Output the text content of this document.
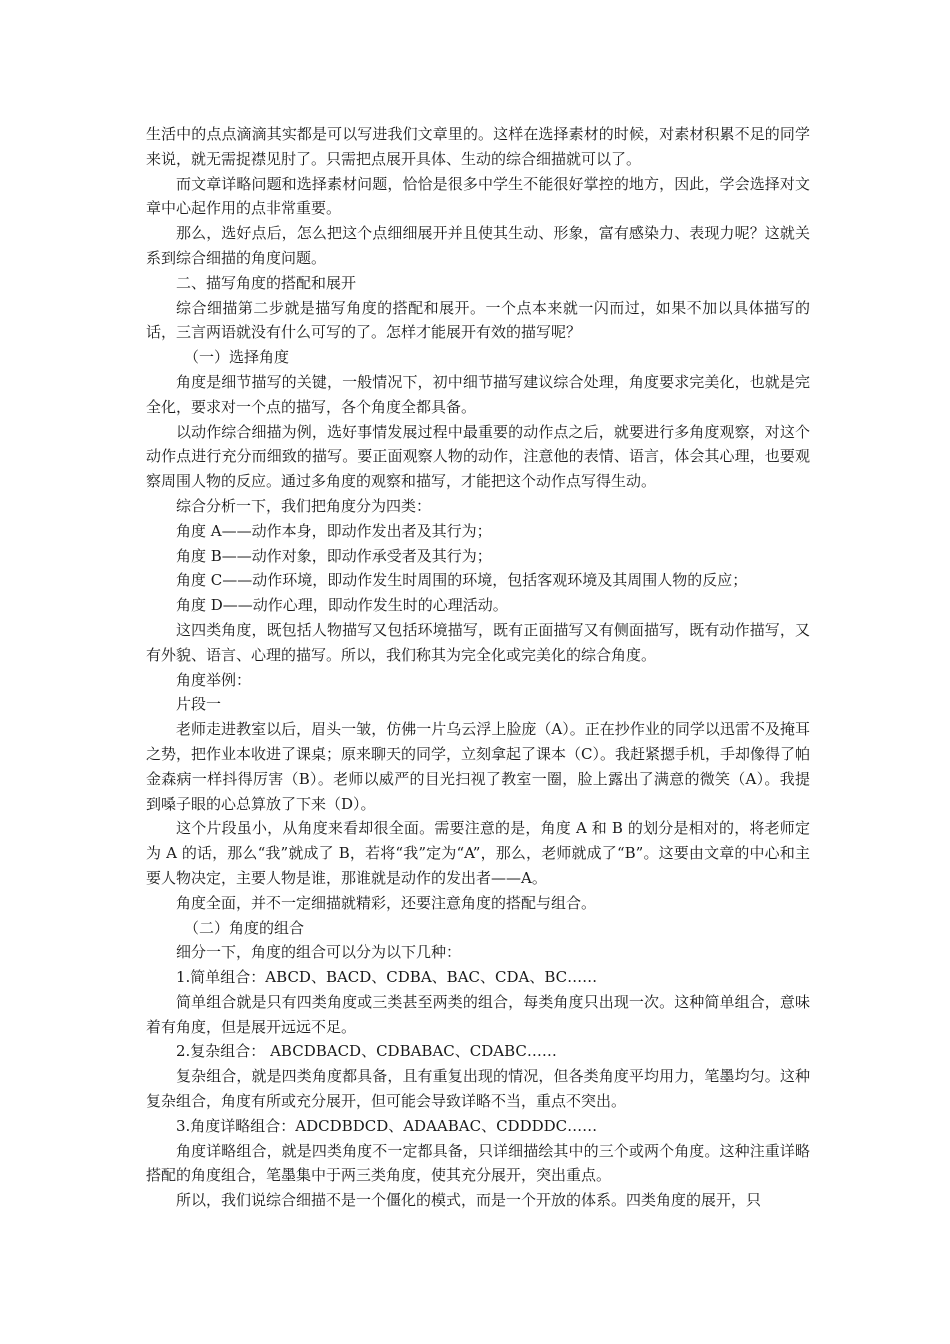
生活中的点点滴滴其实都是可以写进我们文章里的。这样在选择素材的时候，对素材积累不足的同学来说，就无需捉襟见肘了。只需把点展开具体、生动的综合细描就可以了。

而文章详略问题和选择素材问题，恰恰是很多中学生不能很好掌控的地方，因此，学会选择对文章中心起作用的点非常重要。

那么，选好点后，怎么把这个点细细展开并且使其生动、形象，富有感染力、表现力呢？这就关系到综合细描的角度问题。

二、描写角度的搭配和展开

综合细描第二步就是描写角度的搭配和展开。一个点本来就一闪而过，如果不加以具体描写的话，三言两语就没有什么可写的了。怎样才能展开有效的描写呢？

（一）选择角度

角度是细节描写的关键，一般情况下，初中细节描写建议综合处理，角度要求完美化，也就是完全化，要求对一个点的描写，各个角度全都具备。

以动作综合细描为例，选好事情发展过程中最重要的动作点之后，就要进行多角度观察，对这个动作点进行充分而细致的描写。要正面观察人物的动作，注意他的表情、语言，体会其心理，也要观察周围人物的反应。通过多角度的观察和描写，才能把这个动作点写得生动。

综合分析一下，我们把角度分为四类：

角度 A——动作本身，即动作发出者及其行为；

角度 B——动作对象，即动作承受者及其行为；

角度 C——动作环境，即动作发生时周围的环境，包括客观环境及其周围人物的反应；

角度 D——动作心理，即动作发生时的心理活动。

这四类角度，既包括人物描写又包括环境描写，既有正面描写又有侧面描写，既有动作描写，又有外貌、语言、心理的描写。所以，我们称其为完全化或完美化的综合角度。

角度举例：

片段一

老师走进教室以后，眉头一皱，仿佛一片乌云浮上脸庞（A）。正在抄作业的同学以迅雷不及掩耳之势，把作业本收进了课桌；原来聊天的同学，立刻拿起了课本（C）。我赶紧摁手机，手却像得了帕金森病一样抖得厉害（B）。老师以威严的目光扫视了教室一圈，脸上露出了满意的微笑（A）。我提到嗓子眼的心总算放了下来（D）。

这个片段虽小，从角度来看却很全面。需要注意的是，角度 A 和 B 的划分是相对的，将老师定为 A 的话，那么“我”就成了 B，若将“我”定为“A”，那么，老师就成了“B”。这要由文章的中心和主要人物决定，主要人物是谁，那谁就是动作的发出者——A。

角度全面，并不一定细描就精彩，还要注意角度的搭配与组合。

（二）角度的组合

细分一下，角度的组合可以分为以下几种：

1.简单组合：ABCD、BACD、CDBA、BAC、CDA、BC……

简单组合就是只有四类角度或三类甚至两类的组合，每类角度只出现一次。这种简单组合，意味着有角度，但是展开远远不足。

2.复杂组合： ABCDBACD、CDBABAC、CDABC……

复杂组合，就是四类角度都具备，且有重复出现的情况，但各类角度平均用力，笔墨均匀。这种复杂组合，角度有所或充分展开，但可能会导致详略不当，重点不突出。

3.角度详略组合：ADCDBDCD、ADAABAC、CDDDDC……

角度详略组合，就是四类角度不一定都具备，只详细描绘其中的三个或两个角度。这种注重详略搭配的角度组合，笔墨集中于两三类角度，使其充分展开，突出重点。

所以，我们说综合细描不是一个僵化的模式，而是一个开放的体系。四类角度的展开，只
